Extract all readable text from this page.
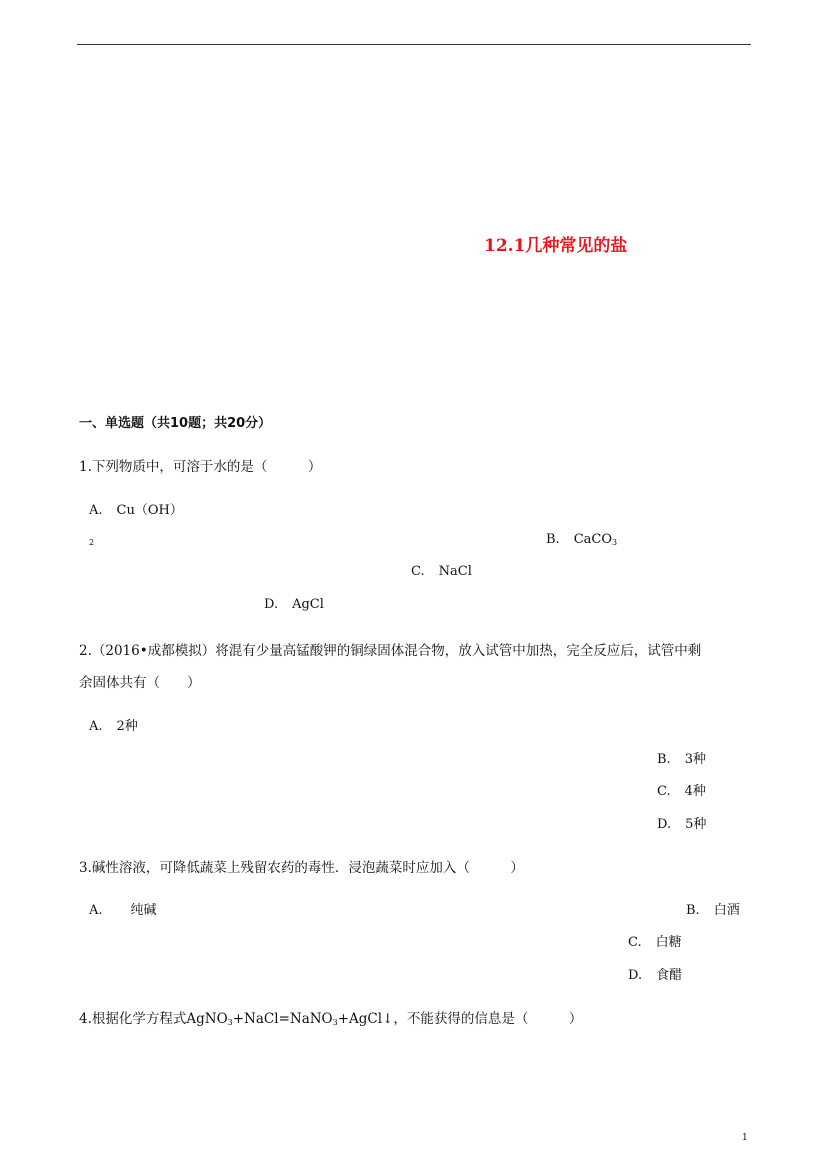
12.1几种常见的盐
一、单选题（共10题；共20分）
1.下列物质中，可溶于水的是（　　　）
A. Cu（OH）
2	B. CaCO$_3$
C. NaCl
D. AgCl
2.（2016•成都模拟）将混有少量高锰酸钾的铜绿固体混合物，放入试管中加热，完全反应后，试管中剩
余固体共有（　　）
A. 2种
B. 3种
C. 4种
D. 5种
3.碱性溶液，可降低蔬菜上残留农药的毒性．浸泡蔬菜时应加入（　　　）
A. 纯碱	B. 白酒
C. 白糖
D. 食醋
4.根据化学方程式AgNO$_3$+NaCl=NaNO$_3$+AgCl↓，不能获得的信息是（　　　）
1
